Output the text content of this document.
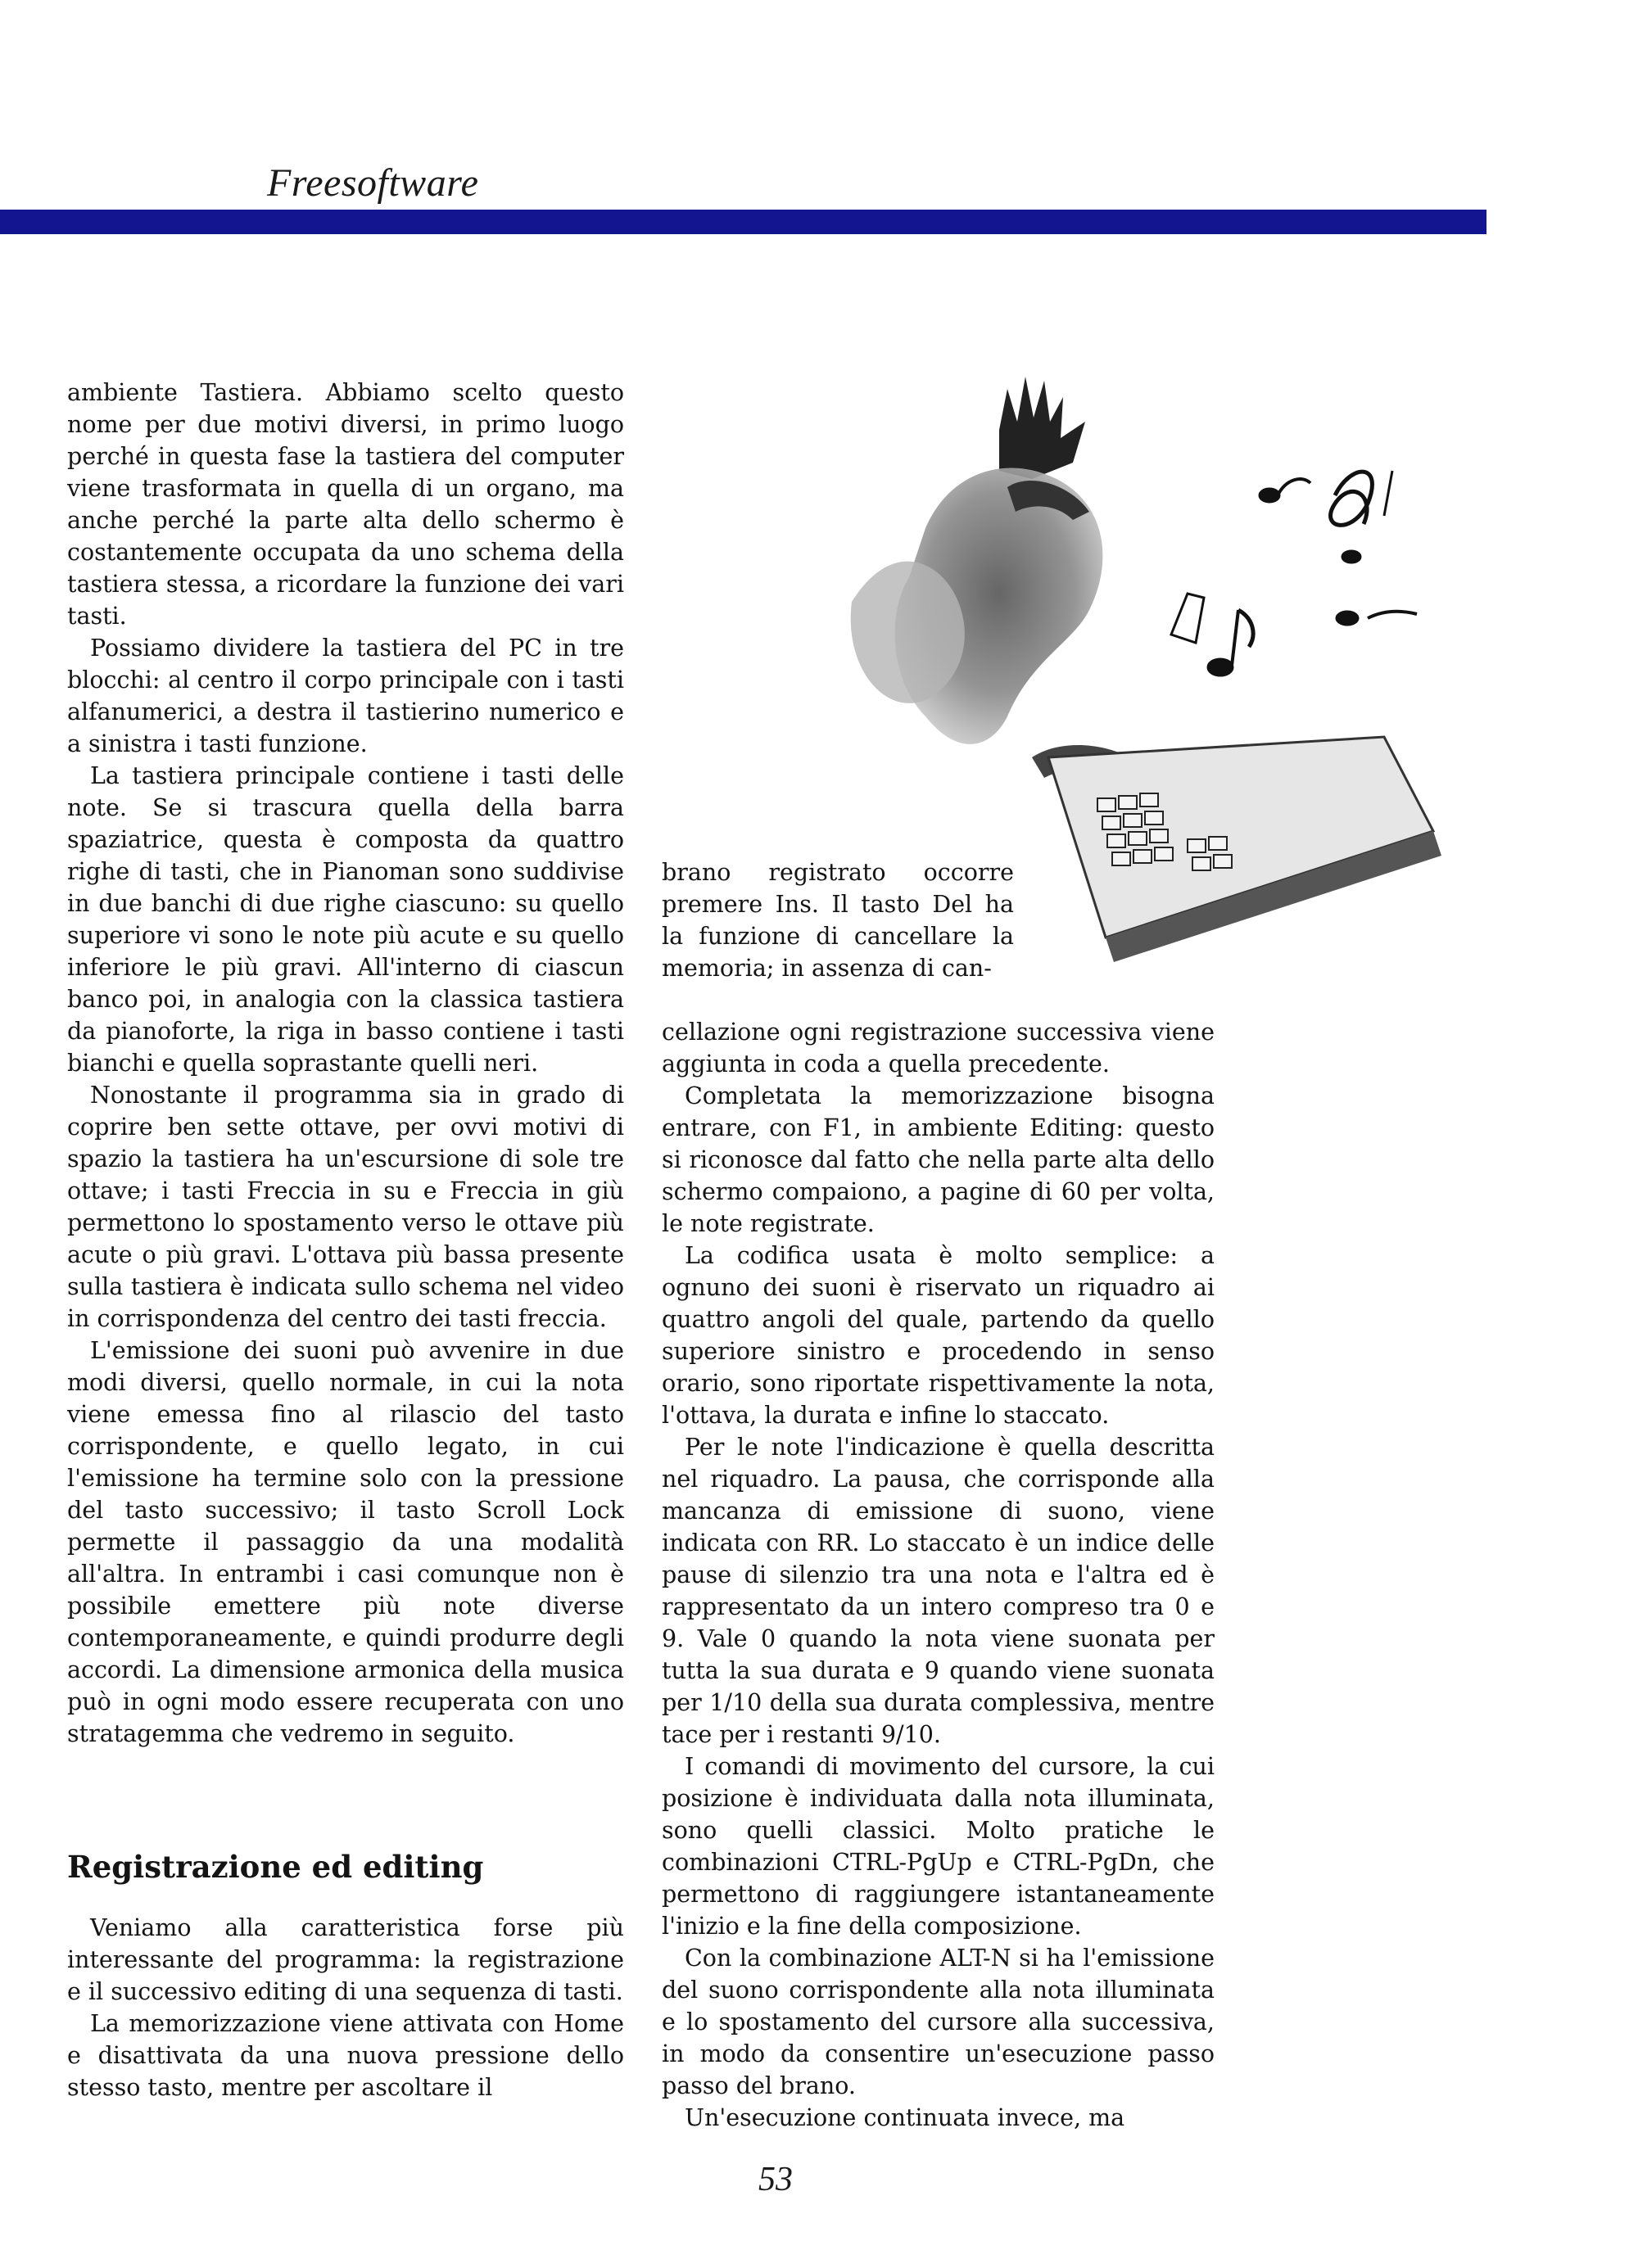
Freesoftware

ambiente Tastiera. Abbiamo scelto questo nome per due motivi diversi, in primo luogo perché in questa fase la tastiera del computer viene trasformata in quella di un organo, ma anche perché la parte alta dello schermo è costantemente occupata da uno schema della tastiera stessa, a ricordare la funzione dei vari tasti.

Possiamo dividere la tastiera del PC in tre blocchi: al centro il corpo principale con i tasti alfanumerici, a destra il tastierino numerico e a sinistra i tasti funzione.

La tastiera principale contiene i tasti delle note. Se si trascura quella della barra spaziatrice, questa è composta da quattro righe di tasti, che in Pianoman sono suddivise in due banchi di due righe ciascuno: su quello superiore vi sono le note più acute e su quello inferiore le più gravi. All'interno di ciascun banco poi, in analogia con la classica tastiera da pianoforte, la riga in basso contiene i tasti bianchi e quella soprastante quelli neri.

Nonostante il programma sia in grado di coprire ben sette ottave, per ovvi motivi di spazio la tastiera ha un'escursione di sole tre ottave; i tasti Freccia in su e Freccia in giù permettono lo spostamento verso le ottave più acute o più gravi. L'ottava più bassa presente sulla tastiera è indicata sullo schema nel video in corrispondenza del centro dei tasti freccia.

L'emissione dei suoni può avvenire in due modi diversi, quello normale, in cui la nota viene emessa fino al rilascio del tasto corrispondente, e quello legato, in cui l'emissione ha termine solo con la pressione del tasto successivo; il tasto Scroll Lock permette il passaggio da una modalità all'altra. In entrambi i casi comunque non è possibile emettere più note diverse contemporaneamente, e quindi produrre degli accordi. La dimensione armonica della musica può in ogni modo essere recuperata con uno stratagemma che vedremo in seguito.

Registrazione ed editing

Veniamo alla caratteristica forse più interessante del programma: la registrazione e il successivo editing di una sequenza di tasti.

La memorizzazione viene attivata con Home e disattivata da una nuova pressione dello stesso tasto, mentre per ascoltare il

brano registrato occorre premere Ins. Il tasto Del ha la funzione di cancellare la memoria; in assenza di can-

cellazione ogni registrazione successiva viene aggiunta in coda a quella precedente.

Completata la memorizzazione bisogna entrare, con F1, in ambiente Editing: questo si riconosce dal fatto che nella parte alta dello schermo compaiono, a pagine di 60 per volta, le note registrate.

La codifica usata è molto semplice: a ognuno dei suoni è riservato un riquadro ai quattro angoli del quale, partendo da quello superiore sinistro e procedendo in senso orario, sono riportate rispettivamente la nota, l'ottava, la durata e infine lo staccato.

Per le note l'indicazione è quella descritta nel riquadro. La pausa, che corrisponde alla mancanza di emissione di suono, viene indicata con RR. Lo staccato è un indice delle pause di silenzio tra una nota e l'altra ed è rappresentato da un intero compreso tra 0 e 9. Vale 0 quando la nota viene suonata per tutta la sua durata e 9 quando viene suonata per 1/10 della sua durata complessiva, mentre tace per i restanti 9/10.

I comandi di movimento del cursore, la cui posizione è individuata dalla nota illuminata, sono quelli classici. Molto pratiche le combinazioni CTRL-PgUp e CTRL-PgDn, che permettono di raggiungere istantaneamente l'inizio e la fine della composizione.

Con la combinazione ALT-N si ha l'emissione del suono corrispondente alla nota illuminata e lo spostamento del cursore alla successiva, in modo da consentire un'esecuzione passo passo del brano.

Un'esecuzione continuata invece, ma

53
